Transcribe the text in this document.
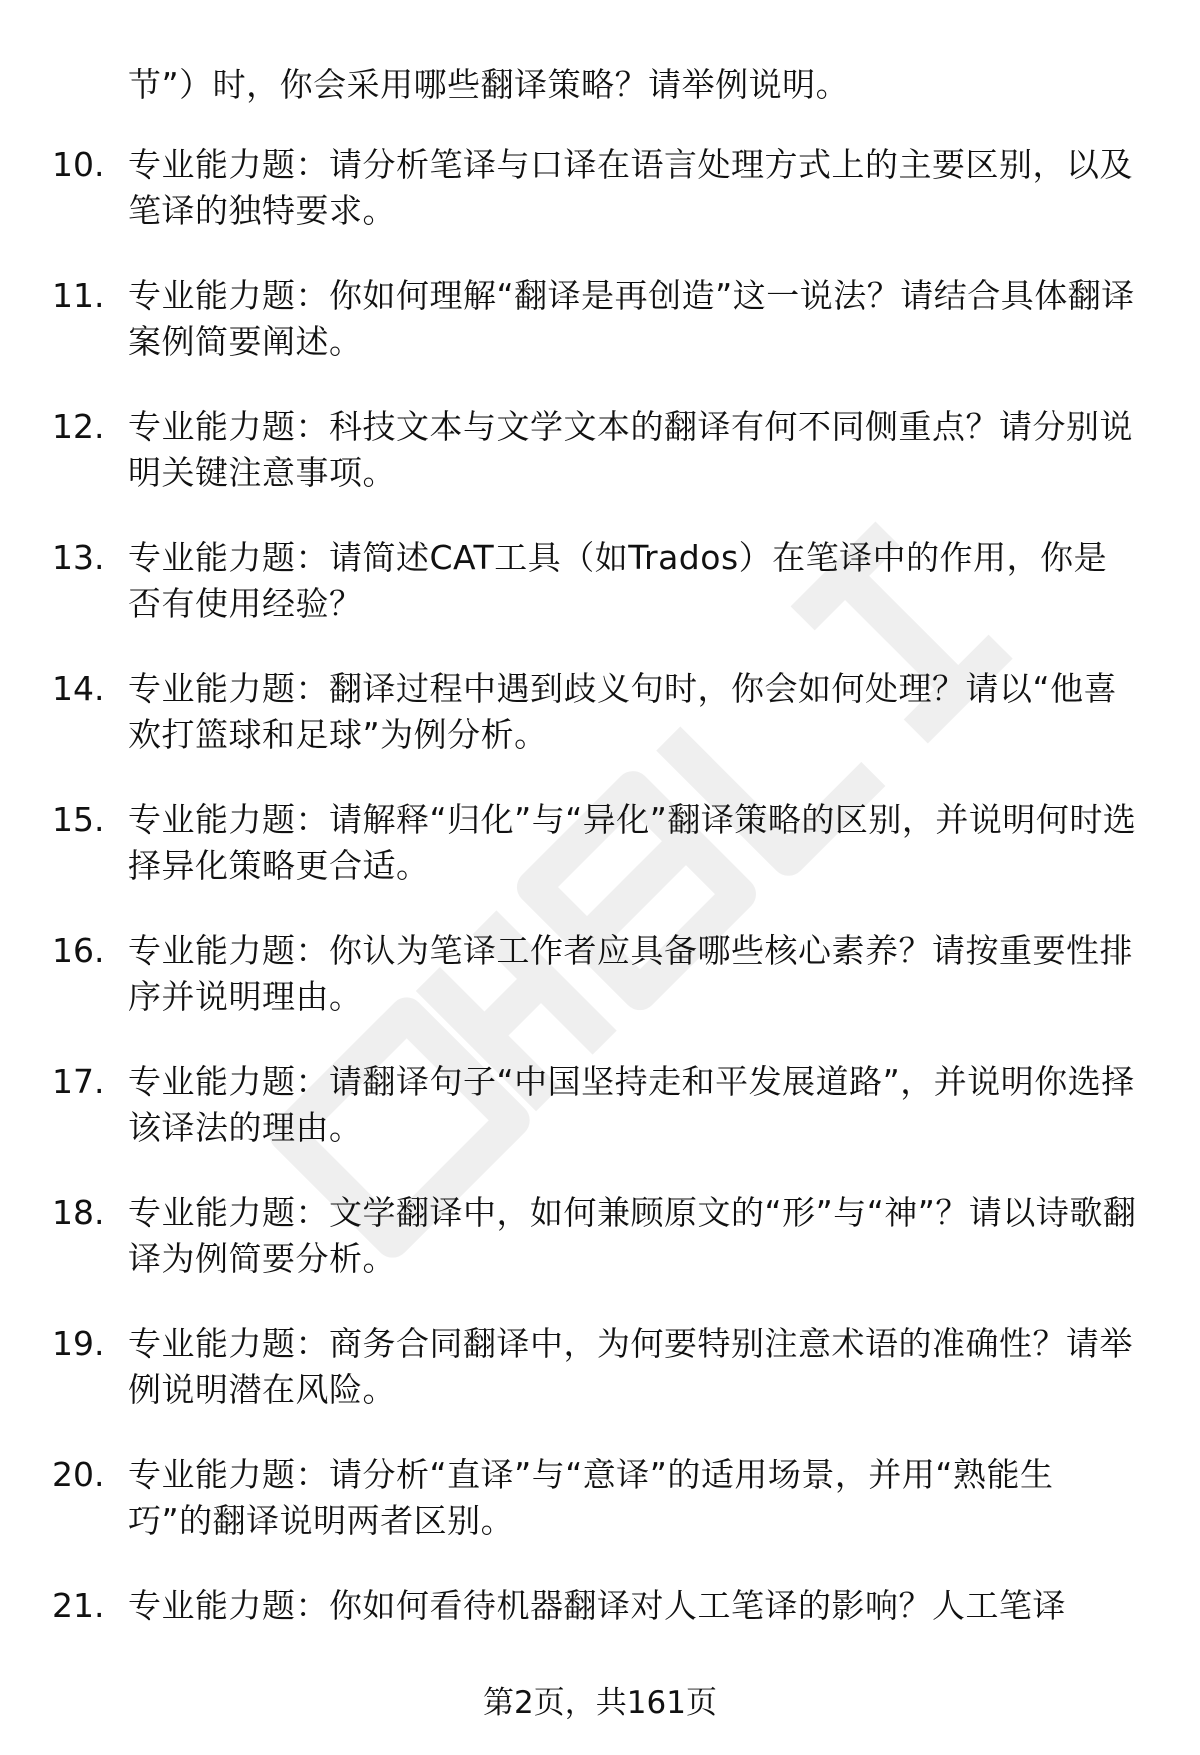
节”）时，你会采用哪些翻译策略？请举例说明。
10. 专业能力题：请分析笔译与口译在语言处理方式上的主要区别，以及笔译的独特要求。
11. 专业能力题：你如何理解“翻译是再创造”这一说法？请结合具体翻译案例简要阐述。
12. 专业能力题：科技文本与文学文本的翻译有何不同侧重点？请分别说明关键注意事项。
13. 专业能力题：请简述CAT工具（如Trados）在笔译中的作用，你是否有使用经验？
14. 专业能力题：翻译过程中遇到歧义句时，你会如何处理？请以“他喜欢打篮球和足球”为例分析。
15. 专业能力题：请解释“归化”与“异化”翻译策略的区别，并说明何时选择异化策略更合适。
16. 专业能力题：你认为笔译工作者应具备哪些核心素养？请按重要性排序并说明理由。
17. 专业能力题：请翻译句子“中国坚持走和平发展道路”，并说明你选择该译法的理由。
18. 专业能力题：文学翻译中，如何兼顾原文的“形”与“神”？请以诗歌翻译为例简要分析。
19. 专业能力题：商务合同翻译中，为何要特别注意术语的准确性？请举例说明潜在风险。
20. 专业能力题：请分析“直译”与“意译”的适用场景，并用“熟能生巧”的翻译说明两者区别。
21. 专业能力题：你如何看待机器翻译对人工笔译的影响？人工笔译
第2页，共161页
